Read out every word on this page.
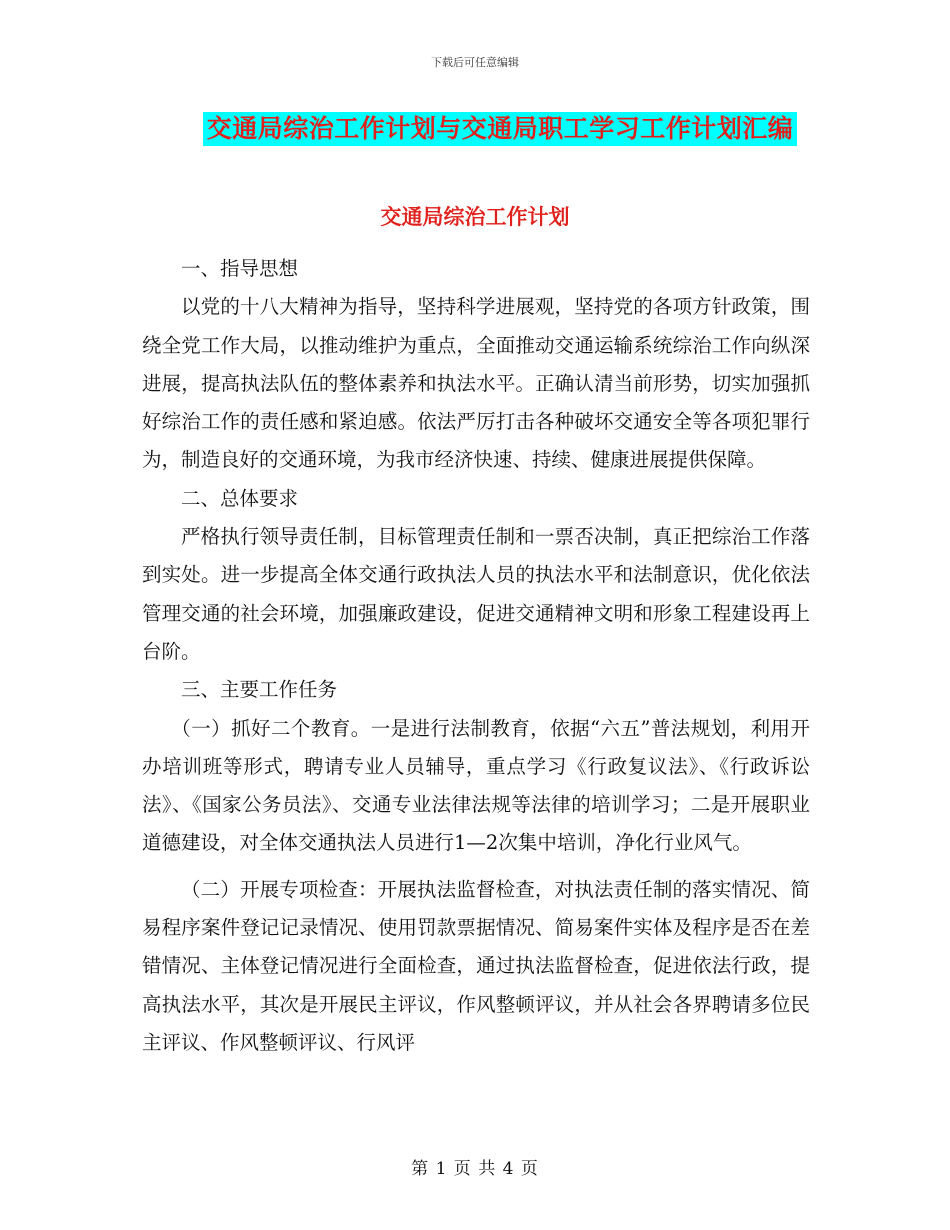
下载后可任意编辑
交通局综治工作计划与交通局职工学习工作计划汇编
交通局综治工作计划

一、指导思想

以党的十八大精神为指导，坚持科学进展观，坚持党的各项方针政策，围绕全党工作大局，以推动维护为重点，全面推动交通运输系统综治工作向纵深进展，提高执法队伍的整体素养和执法水平。正确认清当前形势，切实加强抓好综治工作的责任感和紧迫感。依法严厉打击各种破坏交通安全等各项犯罪行为，制造良好的交通环境，为我市经济快速、持续、健康进展提供保障。

二、总体要求

严格执行领导责任制，目标管理责任制和一票否决制，真正把综治工作落到实处。进一步提高全体交通行政执法人员的执法水平和法制意识，优化依法管理交通的社会环境，加强廉政建设，促进交通精神文明和形象工程建设再上台阶。

三、主要工作任务

（一）抓好二个教育。一是进行法制教育，依据“六五”普法规划，利用开办培训班等形式，聘请专业人员辅导，重点学习《行政复议法》、《行政诉讼法》、《国家公务员法》、交通专业法律法规等法律的培训学习；二是开展职业道德建设，对全体交通执法人员进行1—2次集中培训，净化行业风气。

（二）开展专项检查：开展执法监督检查，对执法责任制的落实情况、简易程序案件登记记录情况、使用罚款票据情况、简易案件实体及程序是否在差错情况、主体登记情况进行全面检查，通过执法监督检查，促进依法行政，提高执法水平，其次是开展民主评议，作风整顿评议，并从社会各界聘请多位民主评议、作风整顿评议、行风评

第 1 页 共 4 页
